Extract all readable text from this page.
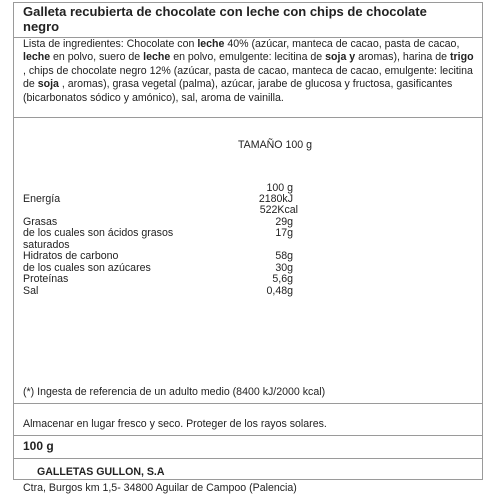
Galleta recubierta de chocolate con leche con chips de chocolate negro
Lista de ingredientes: Chocolate con leche 40% (azúcar, manteca de cacao, pasta de cacao, leche en polvo, suero de leche en polvo, emulgente: lecitina de soja y aromas), harina de trigo , chips de chocolate negro 12% (azúcar, pasta de cacao, manteca de cacao, emulgente: lecitina de soja , aromas), grasa vegetal (palma), azúcar, jarabe de glucosa y fructosa, gasificantes (bicarbonatos sódico y amónico), sal, aroma de vainilla.
TAMAÑO 100 g
100 g
Energía	2180kJ
522Kcal
Grasas	29g
de los cuales son ácidos grasos	17g
saturados
Hidratos de carbono	58g
de los cuales son azúcares	30g
Proteínas	5,6g
Sal	0,48g
(*) Ingesta de referencia de un adulto medio (8400 kJ/2000 kcal)
Almacenar en lugar fresco y seco. Proteger de los rayos solares.
100 g
GALLETAS GULLON, S.A
Ctra, Burgos km 1,5- 34800 Aguilar de Campoo (Palencia)
